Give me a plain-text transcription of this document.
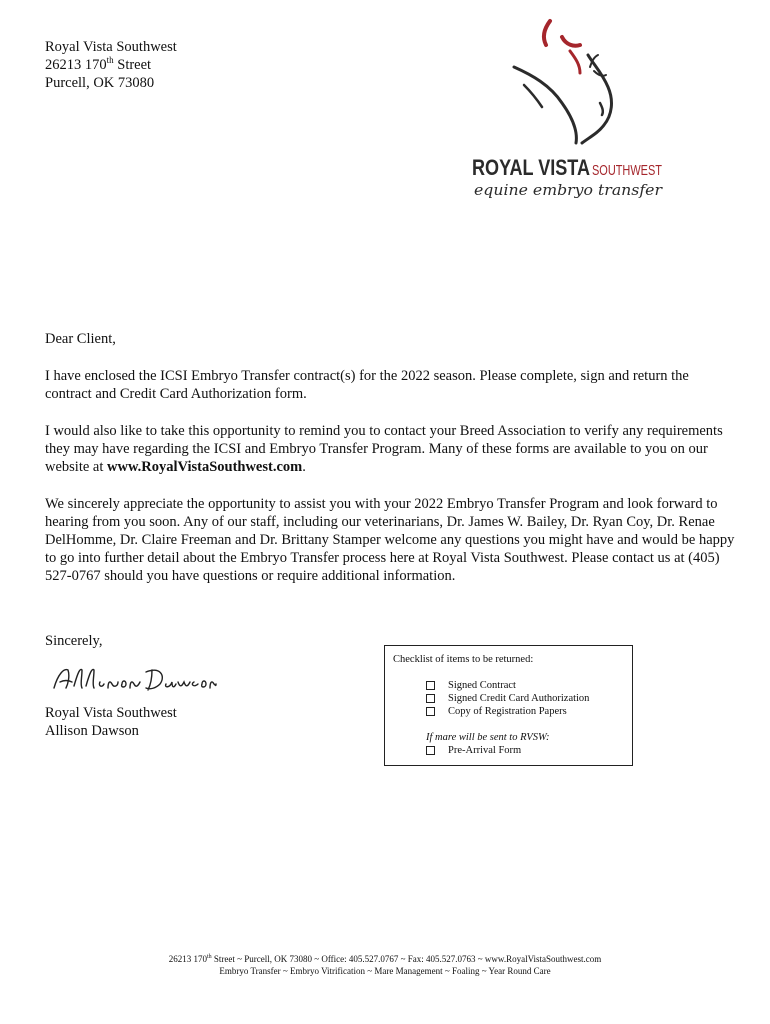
Royal Vista Southwest
26213 170th Street
Purcell, OK 73080
ROYAL VISTA SOUTHWEST
equine embryo transfer

Dear Client,

I have enclosed the ICSI Embryo Transfer contract(s) for the 2022 season. Please complete, sign and return the contract and Credit Card Authorization form.

I would also like to take this opportunity to remind you to contact your Breed Association to verify any requirements they may have regarding the ICSI and Embryo Transfer Program. Many of these forms are available to you on our website at www.RoyalVistaSouthwest.com.

We sincerely appreciate the opportunity to assist you with your 2022 Embryo Transfer Program and look forward to hearing from you soon. Any of our staff, including our veterinarians, Dr. James W. Bailey, Dr. Ryan Coy, Dr. Renae DelHomme, Dr. Claire Freeman and Dr. Brittany Stamper welcome any questions you might have and would be happy to go into further detail about the Embryo Transfer process here at Royal Vista Southwest. Please contact us at (405) 527-0767 should you have questions or require additional information.

Sincerely,
Royal Vista Southwest
Allison Dawson
Checklist of items to be returned:
Signed Contract
Signed Credit Card Authorization
Copy of Registration Papers
If mare will be sent to RVSW:
Pre-Arrival Form
26213 170th Street ~ Purcell, OK 73080 ~ Office: 405.527.0767 ~ Fax: 405.527.0763 ~ www.RoyalVistaSouthwest.com
Embryo Transfer ~ Embryo Vitrification ~ Mare Management ~ Foaling ~ Year Round Care
